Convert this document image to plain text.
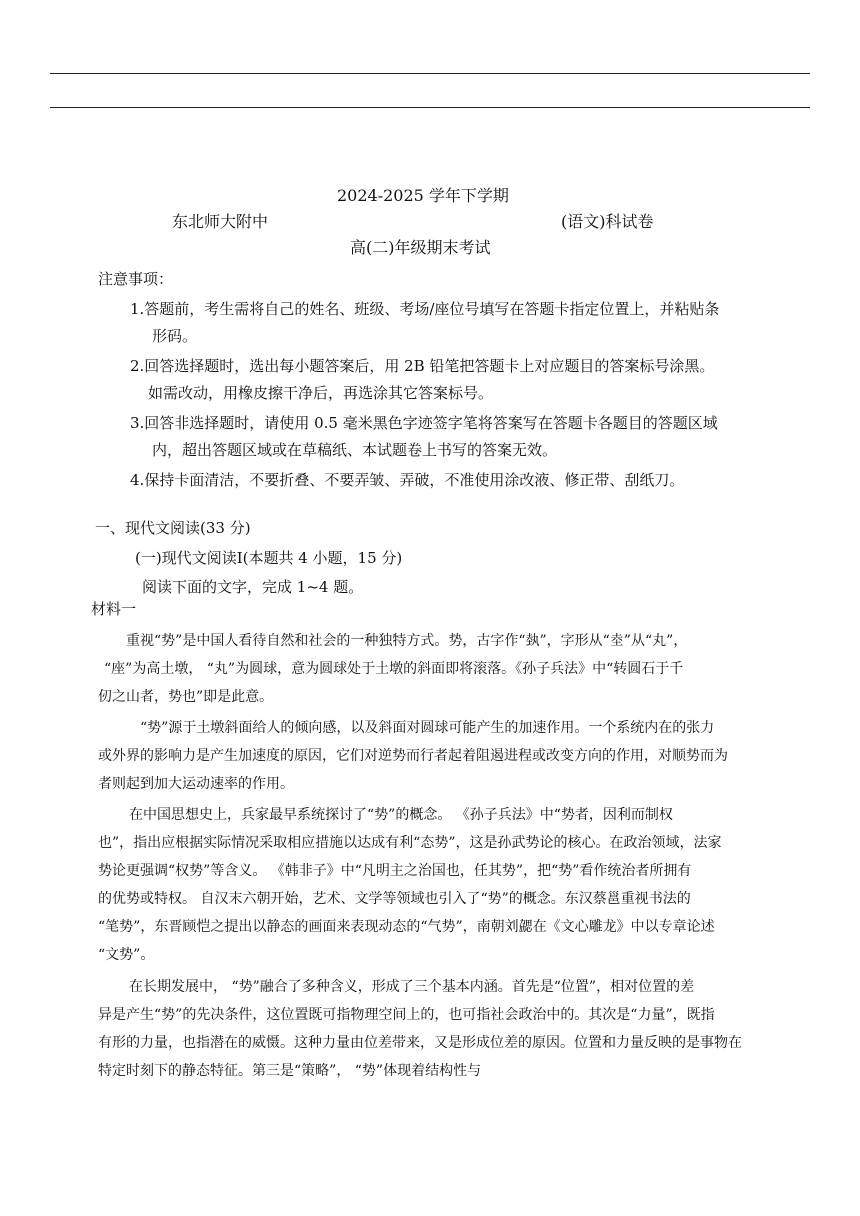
2024-2025 学年下学期
东北师大附中	(语文)科试卷
高(二)年级期末考试
注意事项：
1.答题前，考生需将自己的姓名、班级、考场/座位号填写在答题卡指定位置上，并粘贴条
形码。
2.回答选择题时，选出每小题答案后，用 2B 铅笔把答题卡上对应题目的答案标号涂黑。
如需改动，用橡皮擦干净后，再选涂其它答案标号。
3.回答非选择题时，请使用 0.5 毫米黑色字迹签字笔将答案写在答题卡各题目的答题区域
内，超出答题区域或在草稿纸、本试题卷上书写的答案无效。
4.保持卡面清洁，不要折叠、不要弄皱、弄破，不准使用涂改液、修正带、刮纸刀。
一、现代文阅读(33 分)
(一)现代文阅读Ⅰ(本题共 4 小题，15 分)
阅读下面的文字，完成 1~4 题。
材料一
重视“势”是中国人看待自然和社会的一种独特方式。势，古字作“埶”，字形从“坴”从“丸”，
“座”为高土墩， “丸”为圆球，意为圆球处于土墩的斜面即将滚落。《孙子兵法》中“转圆石于千
仞之山者，势也”即是此意。
“势”源于土墩斜面给人的倾向感，以及斜面对圆球可能产生的加速作用。一个系统内在的张力
或外界的影响力是产生加速度的原因，它们对逆势而行者起着阻遏进程或改变方向的作用，对顺势而为
者则起到加大运动速率的作用。
在中国思想史上，兵家最早系统探讨了“势”的概念。 《孙子兵法》中“势者，因利而制权
也”，指出应根据实际情况采取相应措施以达成有利“态势”，这是孙武势论的核心。在政治领域，法家
势论更强调“权势”等含义。 《韩非子》中“凡明主之治国也，任其势”，把“势”看作统治者所拥有
的优势或特权。 自汉末六朝开始，艺术、文学等领域也引入了“势”的概念。东汉蔡邕重视书法的
“笔势”，东晋顾恺之提出以静态的画面来表现动态的“气势”，南朝刘勰在《文心雕龙》中以专章论述
“文势”。
在长期发展中， “势”融合了多种含义，形成了三个基本内涵。首先是“位置”，相对位置的差
异是产生“势”的先决条件，这位置既可指物理空间上的，也可指社会政治中的。其次是“力量”，既指
有形的力量，也指潜在的威慑。这种力量由位差带来，又是形成位差的原因。位置和力量反映的是事物在
特定时刻下的静态特征。第三是“策略”， “势”体现着结构性与
